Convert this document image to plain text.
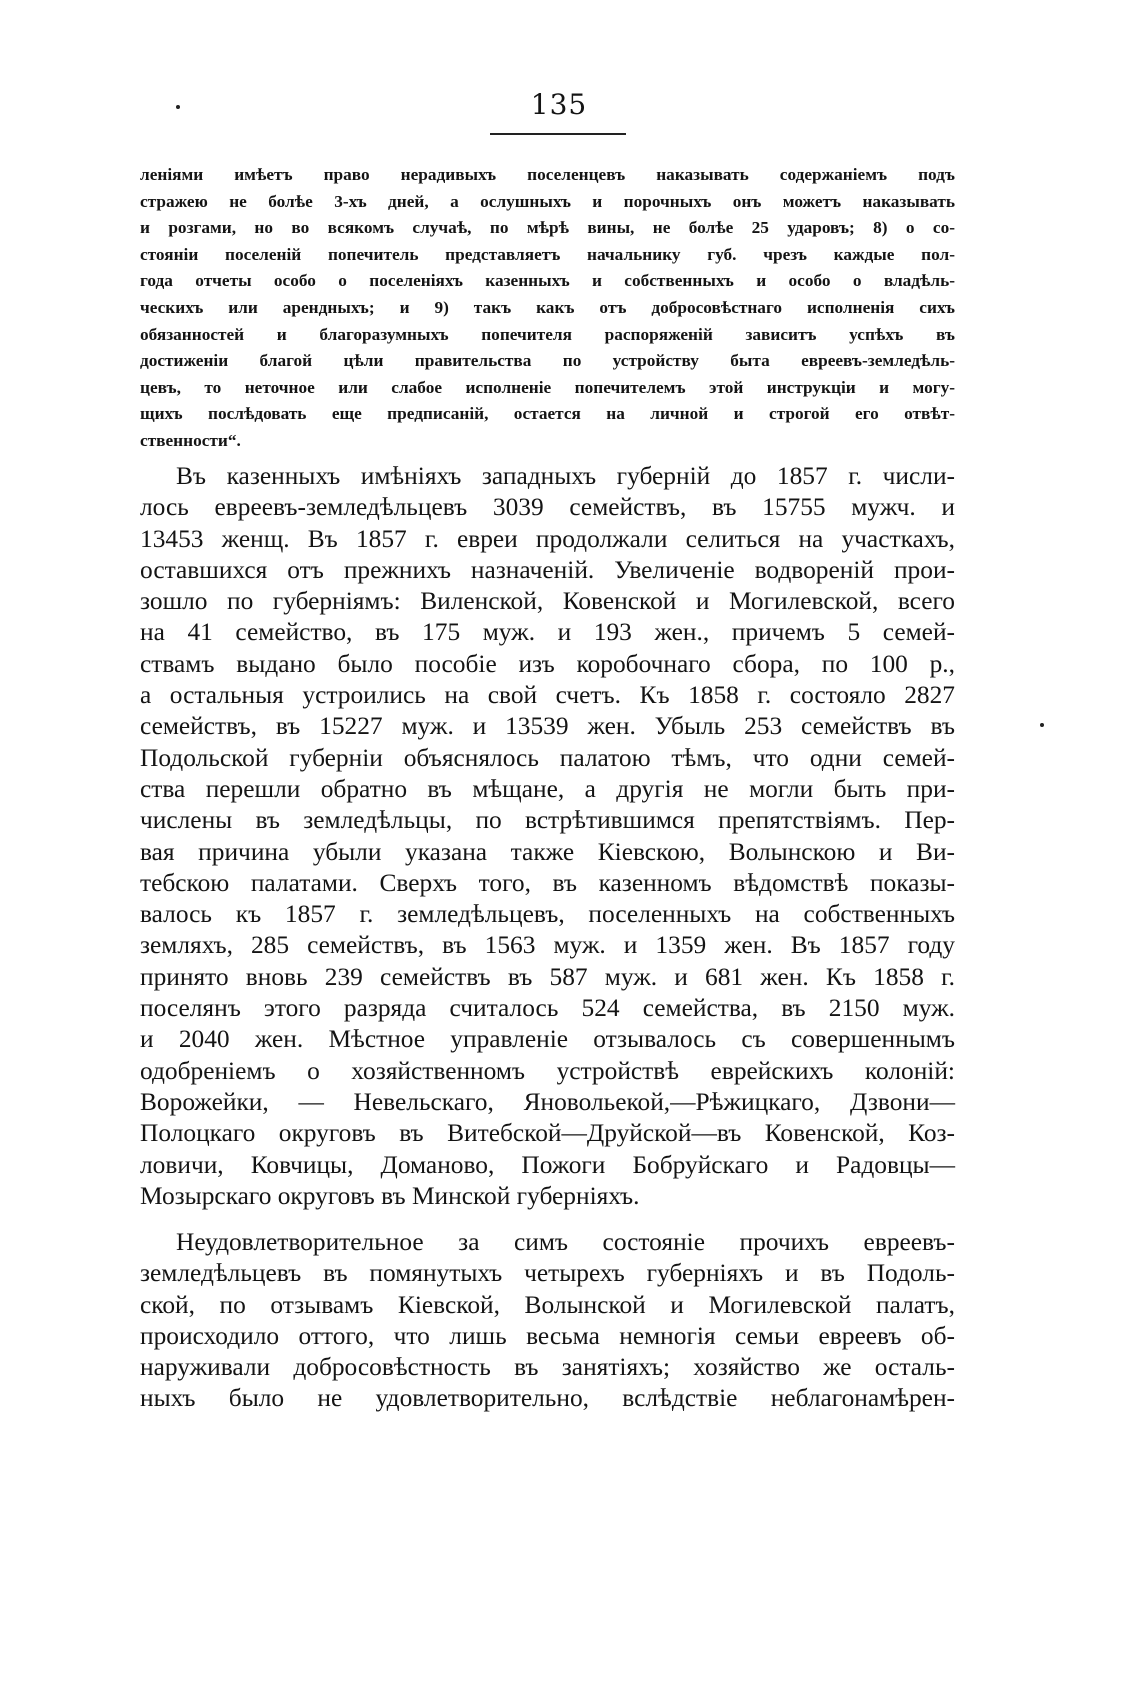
135
леніями имѣетъ право нерадивыхъ поселенцевъ наказывать содержаніемъ подъ
стражею не болѣе 3-хъ дней, а ослушныхъ и порочныхъ онъ можетъ наказывать
и розгами, но во всякомъ случаѣ, по мѣрѣ вины, не болѣе 25 ударовъ; 8) о со-
стояніи поселеній попечитель представляетъ начальнику губ. чрезъ каждые пол-
года отчеты особо о поселеніяхъ казенныхъ и собственныхъ и особо о владѣль-
ческихъ или арендныхъ; и 9) такъ какъ отъ добросовѣстнаго исполненія сихъ
обязанностей и благоразумныхъ попечителя распоряженій зависитъ успѣхъ въ
достиженіи благой цѣли правительства по устройству быта евреевъ-земледѣль-
цевъ, то неточное или слабое исполненіе попечителемъ этой инструкціи и могу-
щихъ послѣдовать еще предписаній, остается на личной и строгой его отвѣт-
ственности“.
Въ казенныхъ имѣніяхъ западныхъ губерній до 1857 г. числи-
лось евреевъ-земледѣльцевъ 3039 семействъ, въ 15755 мужч. и
13453 женщ. Въ 1857 г. евреи продолжали селиться на участкахъ,
оставшихся отъ прежнихъ назначеній. Увеличеніе водвореній прои-
зошло по губерніямъ: Виленской, Ковенской и Могилевской, всего
на 41 семейство, въ 175 муж. и 193 жен., причемъ 5 семей-
ствамъ выдано было пособіе изъ коробочнаго сбора, по 100 р.,
а остальныя устроились на свой счетъ. Къ 1858 г. состояло 2827
семействъ, въ 15227 муж. и 13539 жен. Убыль 253 семействъ въ
Подольской губерніи объяснялось палатою тѣмъ, что одни семей-
ства перешли обратно въ мѣщане, а другія не могли быть при-
числены въ земледѣльцы, по встрѣтившимся препятствіямъ. Пер-
вая причина убыли указана также Кіевскою, Волынскою и Ви-
тебскою палатами. Сверхъ того, въ казенномъ вѣдомствѣ показы-
валось къ 1857 г. земледѣльцевъ, поселенныхъ на собственныхъ
земляхъ, 285 семействъ, въ 1563 муж. и 1359 жен. Въ 1857 году
принято вновь 239 семействъ въ 587 муж. и 681 жен. Къ 1858 г.
поселянъ этого разряда считалось 524 семейства, въ 2150 муж.
и 2040 жен. Мѣстное управленіе отзывалось съ совершеннымъ
одобреніемъ о хозяйственномъ устройствѣ еврейскихъ колоній:
Ворожейки, — Невельскаго, Яновольекой,—Рѣжицкаго, Дзвони—
Полоцкаго округовъ въ Витебской—Друйской—въ Ковенской, Коз-
ловичи, Ковчицы, Доманово, Пожоги Бобруйскаго и Радовцы—
Мозырскаго округовъ въ Минской губерніяхъ.
Неудовлетворительное за симъ состояніе прочихъ евреевъ-
земледѣльцевъ въ помянутыхъ четырехъ губерніяхъ и въ Подоль-
ской, по отзывамъ Кіевской, Волынской и Могилевской палатъ,
происходило оттого, что лишь весьма немногія семьи евреевъ об-
наруживали добросовѣстность въ занятіяхъ; хозяйство же осталь-
ныхъ было не удовлетворительно, вслѣдствіе неблагонамѣрен-
